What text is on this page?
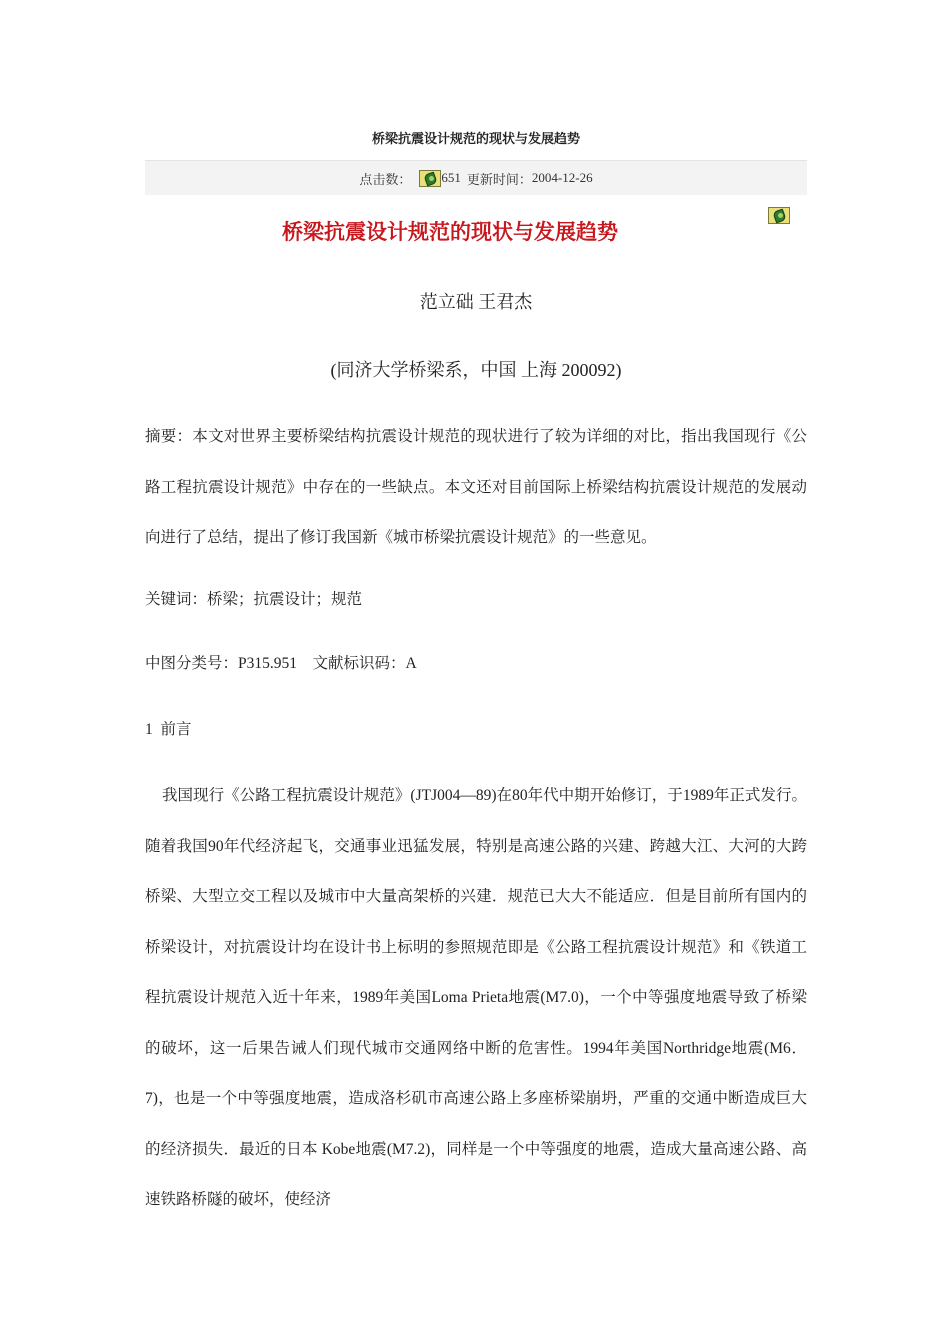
桥梁抗震设计规范的现状与发展趋势
点击数： 651 更新时间： 2004-12-26
桥梁抗震设计规范的现状与发展趋势
范立础 王君杰
(同济大学桥梁系，中国 上海 200092)

摘要：本文对世界主要桥梁结构抗震设计规范的现状进行了较为详细的对比，指出我国现行《公路工程抗震设计规范》中存在的一些缺点。本文还对目前国际上桥梁结构抗震设计规范的发展动向进行了总结，提出了修订我国新《城市桥梁抗震设计规范》的一些意见。

关键词：桥梁；抗震设计；规范

中图分类号：P315.951    文献标识码：A

1  前言

我国现行《公路工程抗震设计规范》(JTJ004—89)在80年代中期开始修订，于1989年正式发行。随着我国90年代经济起飞，交通事业迅猛发展，特别是高速公路的兴建、跨越大江、大河的大跨桥梁、大型立交工程以及城市中大量高架桥的兴建．规范已大大不能适应．但是目前所有国内的桥梁设计，对抗震设计均在设计书上标明的参照规范即是《公路工程抗震设计规范》和《铁道工程抗震设计规范入近十年来，1989年美国Loma Prieta地震(M7.0)，一个中等强度地震导致了桥梁的破坏，这一后果告诫人们现代城市交通网络中断的危害性。1994年美国Northridge地震(M6．7)，也是一个中等强度地震，造成洛杉矶市高速公路上多座桥梁崩坍，严重的交通中断造成巨大的经济损失．最近的日本 Kobe地震(M7.2)，同样是一个中等强度的地震，造成大量高速公路、高速铁路桥隧的破坏，使经济
